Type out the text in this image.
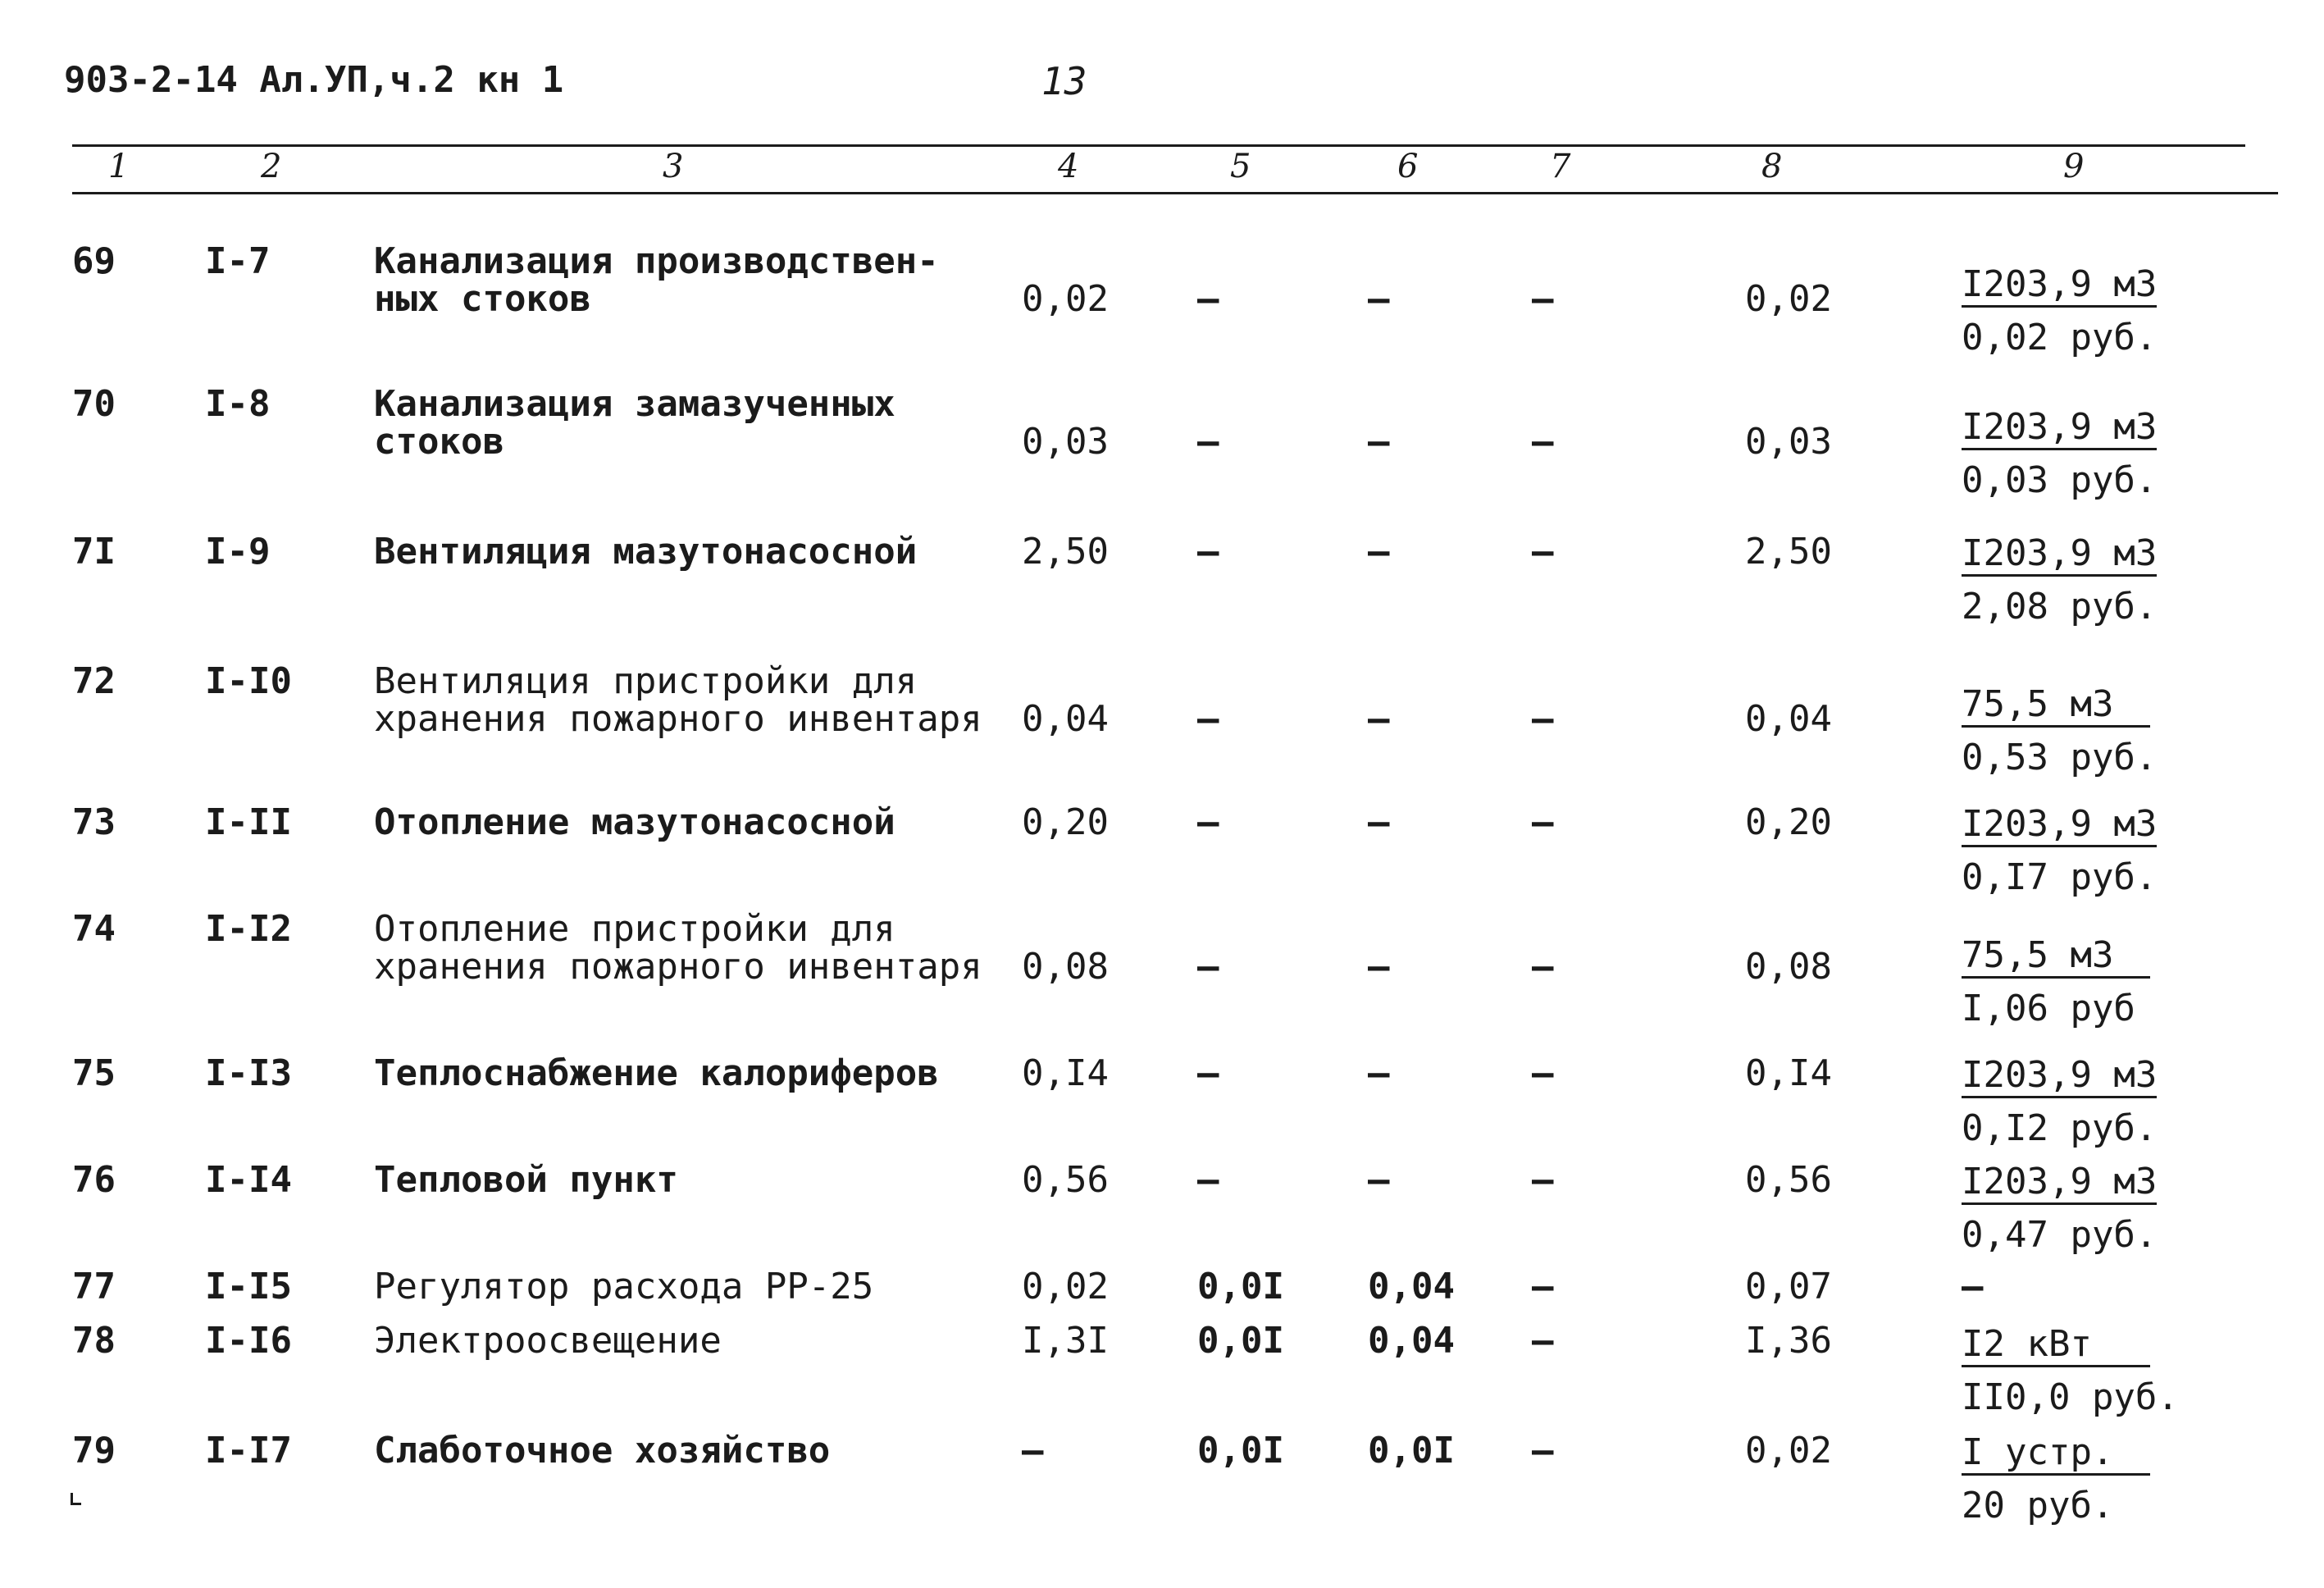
903-2-14 Ал.УП,ч.2 кн 1	13
1	2	3	4	5	6	7	8	9
69 I-7	Канализация производствен-ных стоков	0,02 –	–	–	0,02	I203,9 м3
0,02 руб.
70 I-8	Канализация замазученных стоков	0,03 –	–	–	0,03	I203,9 м3
0,03 руб.
7I I-9	Вентиляция мазутонасосной	2,50 –	–	–	2,50	I203,9 м3
2,08 руб.
72 I-I0 Вентиляция пристройки для хранения пожарного инвентаря	0,04 –	–	–	0,04	75,5 м3
0,53 руб.
73 I-II Отопление мазутонасосной	0,20 –	–	–	0,20	I203,9 м3
0,I7 руб.
74 I-I2 Отопление пристройки для хранения пожарного инвентаря	0,08 –	–	–	0,08	75,5 м3
I,06 руб
75 I-I3 Теплоснабжение калориферов	0,I4 –	–	–	0,I4	I203,9 м3
0,I2 руб.
76 I-I4 Тепловой пункт	0,56 –	–	–	0,56	I203,9 м3
0,47 руб.
77 I-I5 Регулятор расхода РР-25	0,02 0,0I 0,04 –	0,07	–
78 I-I6 Электроосвещение	I,3I 0,0I 0,04 –	I,36	I2 кВт
II0,0 руб.
79 I-I7 Слаботочное хозяйство	–	0,0I 0,0I –	0,02	I устр.
20 руб.
